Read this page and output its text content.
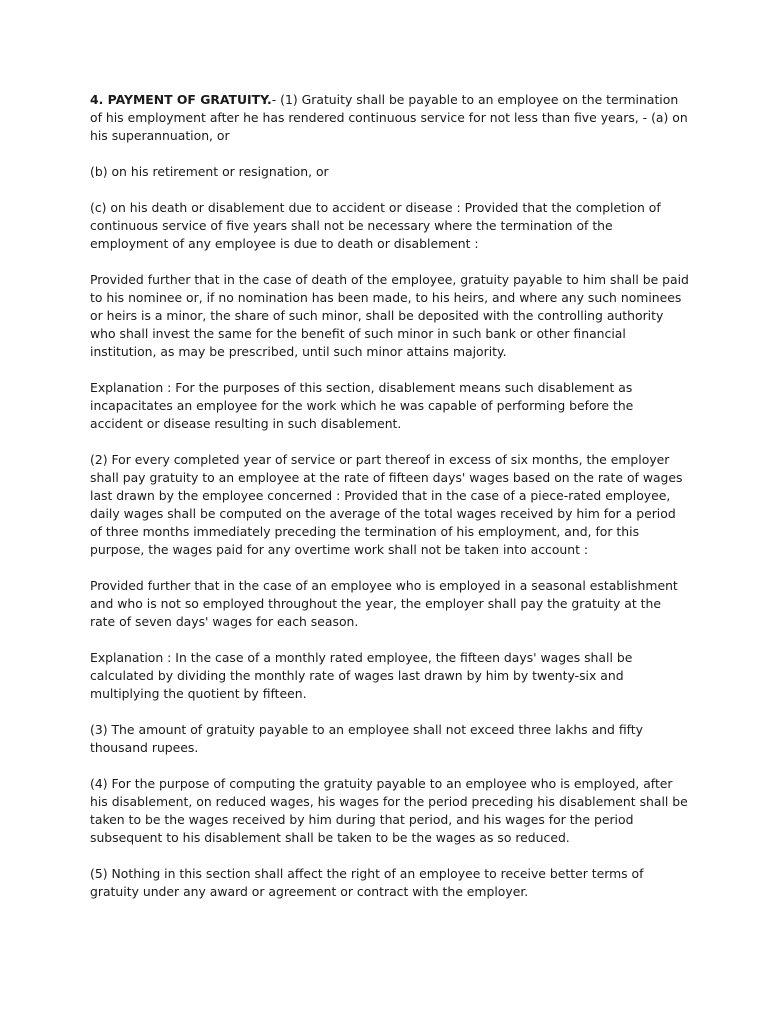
4. PAYMENT OF GRATUITY.- (1) Gratuity shall be payable to an employee on the termination of his employment after he has rendered continuous service for not less than five years, - (a) on his superannuation, or

(b) on his retirement or resignation, or

(c) on his death or disablement due to accident or disease : Provided that the completion of continuous service of five years shall not be necessary where the termination of the employment of any employee is due to death or disablement :

Provided further that in the case of death of the employee, gratuity payable to him shall be paid to his nominee or, if no nomination has been made, to his heirs, and where any such nominees or heirs is a minor, the share of such minor, shall be deposited with the controlling authority who shall invest the same for the benefit of such minor in such bank or other financial institution, as may be prescribed, until such minor attains majority.

Explanation : For the purposes of this section, disablement means such disablement as incapacitates an employee for the work which he was capable of performing before the accident or disease resulting in such disablement.

(2) For every completed year of service or part thereof in excess of six months, the employer shall pay gratuity to an employee at the rate of fifteen days' wages based on the rate of wages last drawn by the employee concerned : Provided that in the case of a piece-rated employee, daily wages shall be computed on the average of the total wages received by him for a period of three months immediately preceding the termination of his employment, and, for this purpose, the wages paid for any overtime work shall not be taken into account :

Provided further that in the case of an employee who is employed in a seasonal establishment and who is not so employed throughout the year, the employer shall pay the gratuity at the rate of seven days' wages for each season.

Explanation : In the case of a monthly rated employee, the fifteen days' wages shall be calculated by dividing the monthly rate of wages last drawn by him by twenty-six and multiplying the quotient by fifteen.

(3) The amount of gratuity payable to an employee shall not exceed three lakhs and fifty thousand rupees.

(4) For the purpose of computing the gratuity payable to an employee who is employed, after his disablement, on reduced wages, his wages for the period preceding his disablement shall be taken to be the wages received by him during that period, and his wages for the period subsequent to his disablement shall be taken to be the wages as so reduced.

(5) Nothing in this section shall affect the right of an employee to receive better terms of gratuity under any award or agreement or contract with the employer.
